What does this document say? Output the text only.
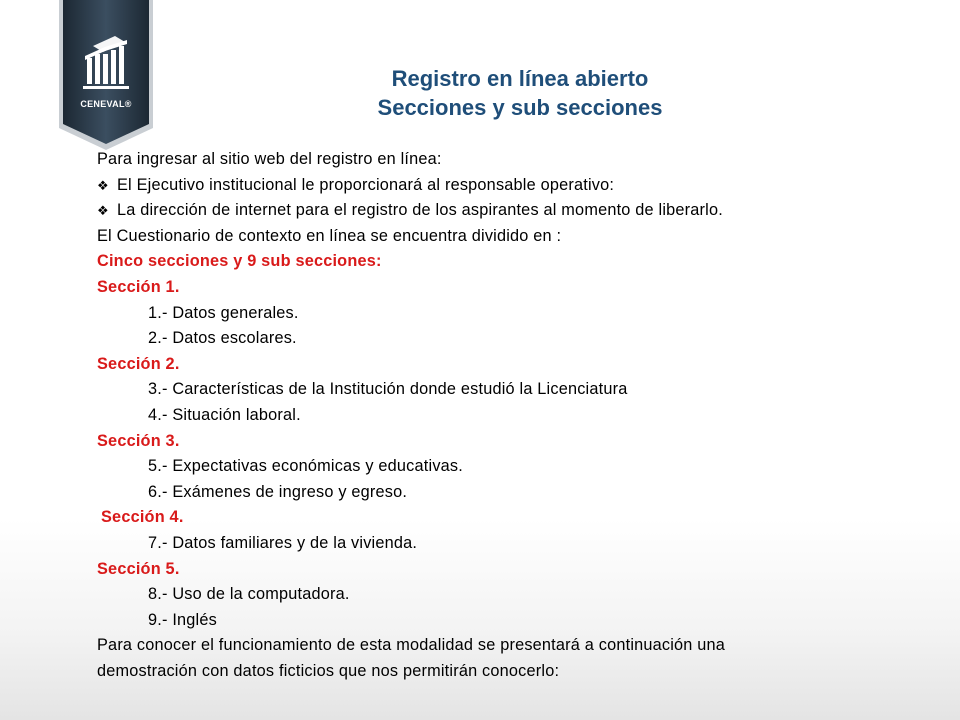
CENEVAL®
Registro en línea abierto
Secciones y sub secciones
Para ingresar al sitio web del registro en línea:
❖ El Ejecutivo institucional le proporcionará al responsable operativo:
❖ La dirección de internet para el registro de los aspirantes al momento de liberarlo.
El Cuestionario de contexto en línea se encuentra dividido en :
Cinco secciones y 9 sub secciones:
Sección 1.
1.- Datos generales.
2.- Datos escolares.
Sección 2.
3.- Características de la Institución donde estudió la Licenciatura
4.- Situación laboral.
Sección 3.
5.- Expectativas económicas y educativas.
6.- Exámenes de ingreso y egreso.
Sección 4.
7.- Datos familiares y de la vivienda.
Sección 5.
8.- Uso de la computadora.
9.- Inglés
Para conocer el funcionamiento de esta modalidad se presentará a continuación una
demostración con datos ficticios que nos permitirán conocerlo:
